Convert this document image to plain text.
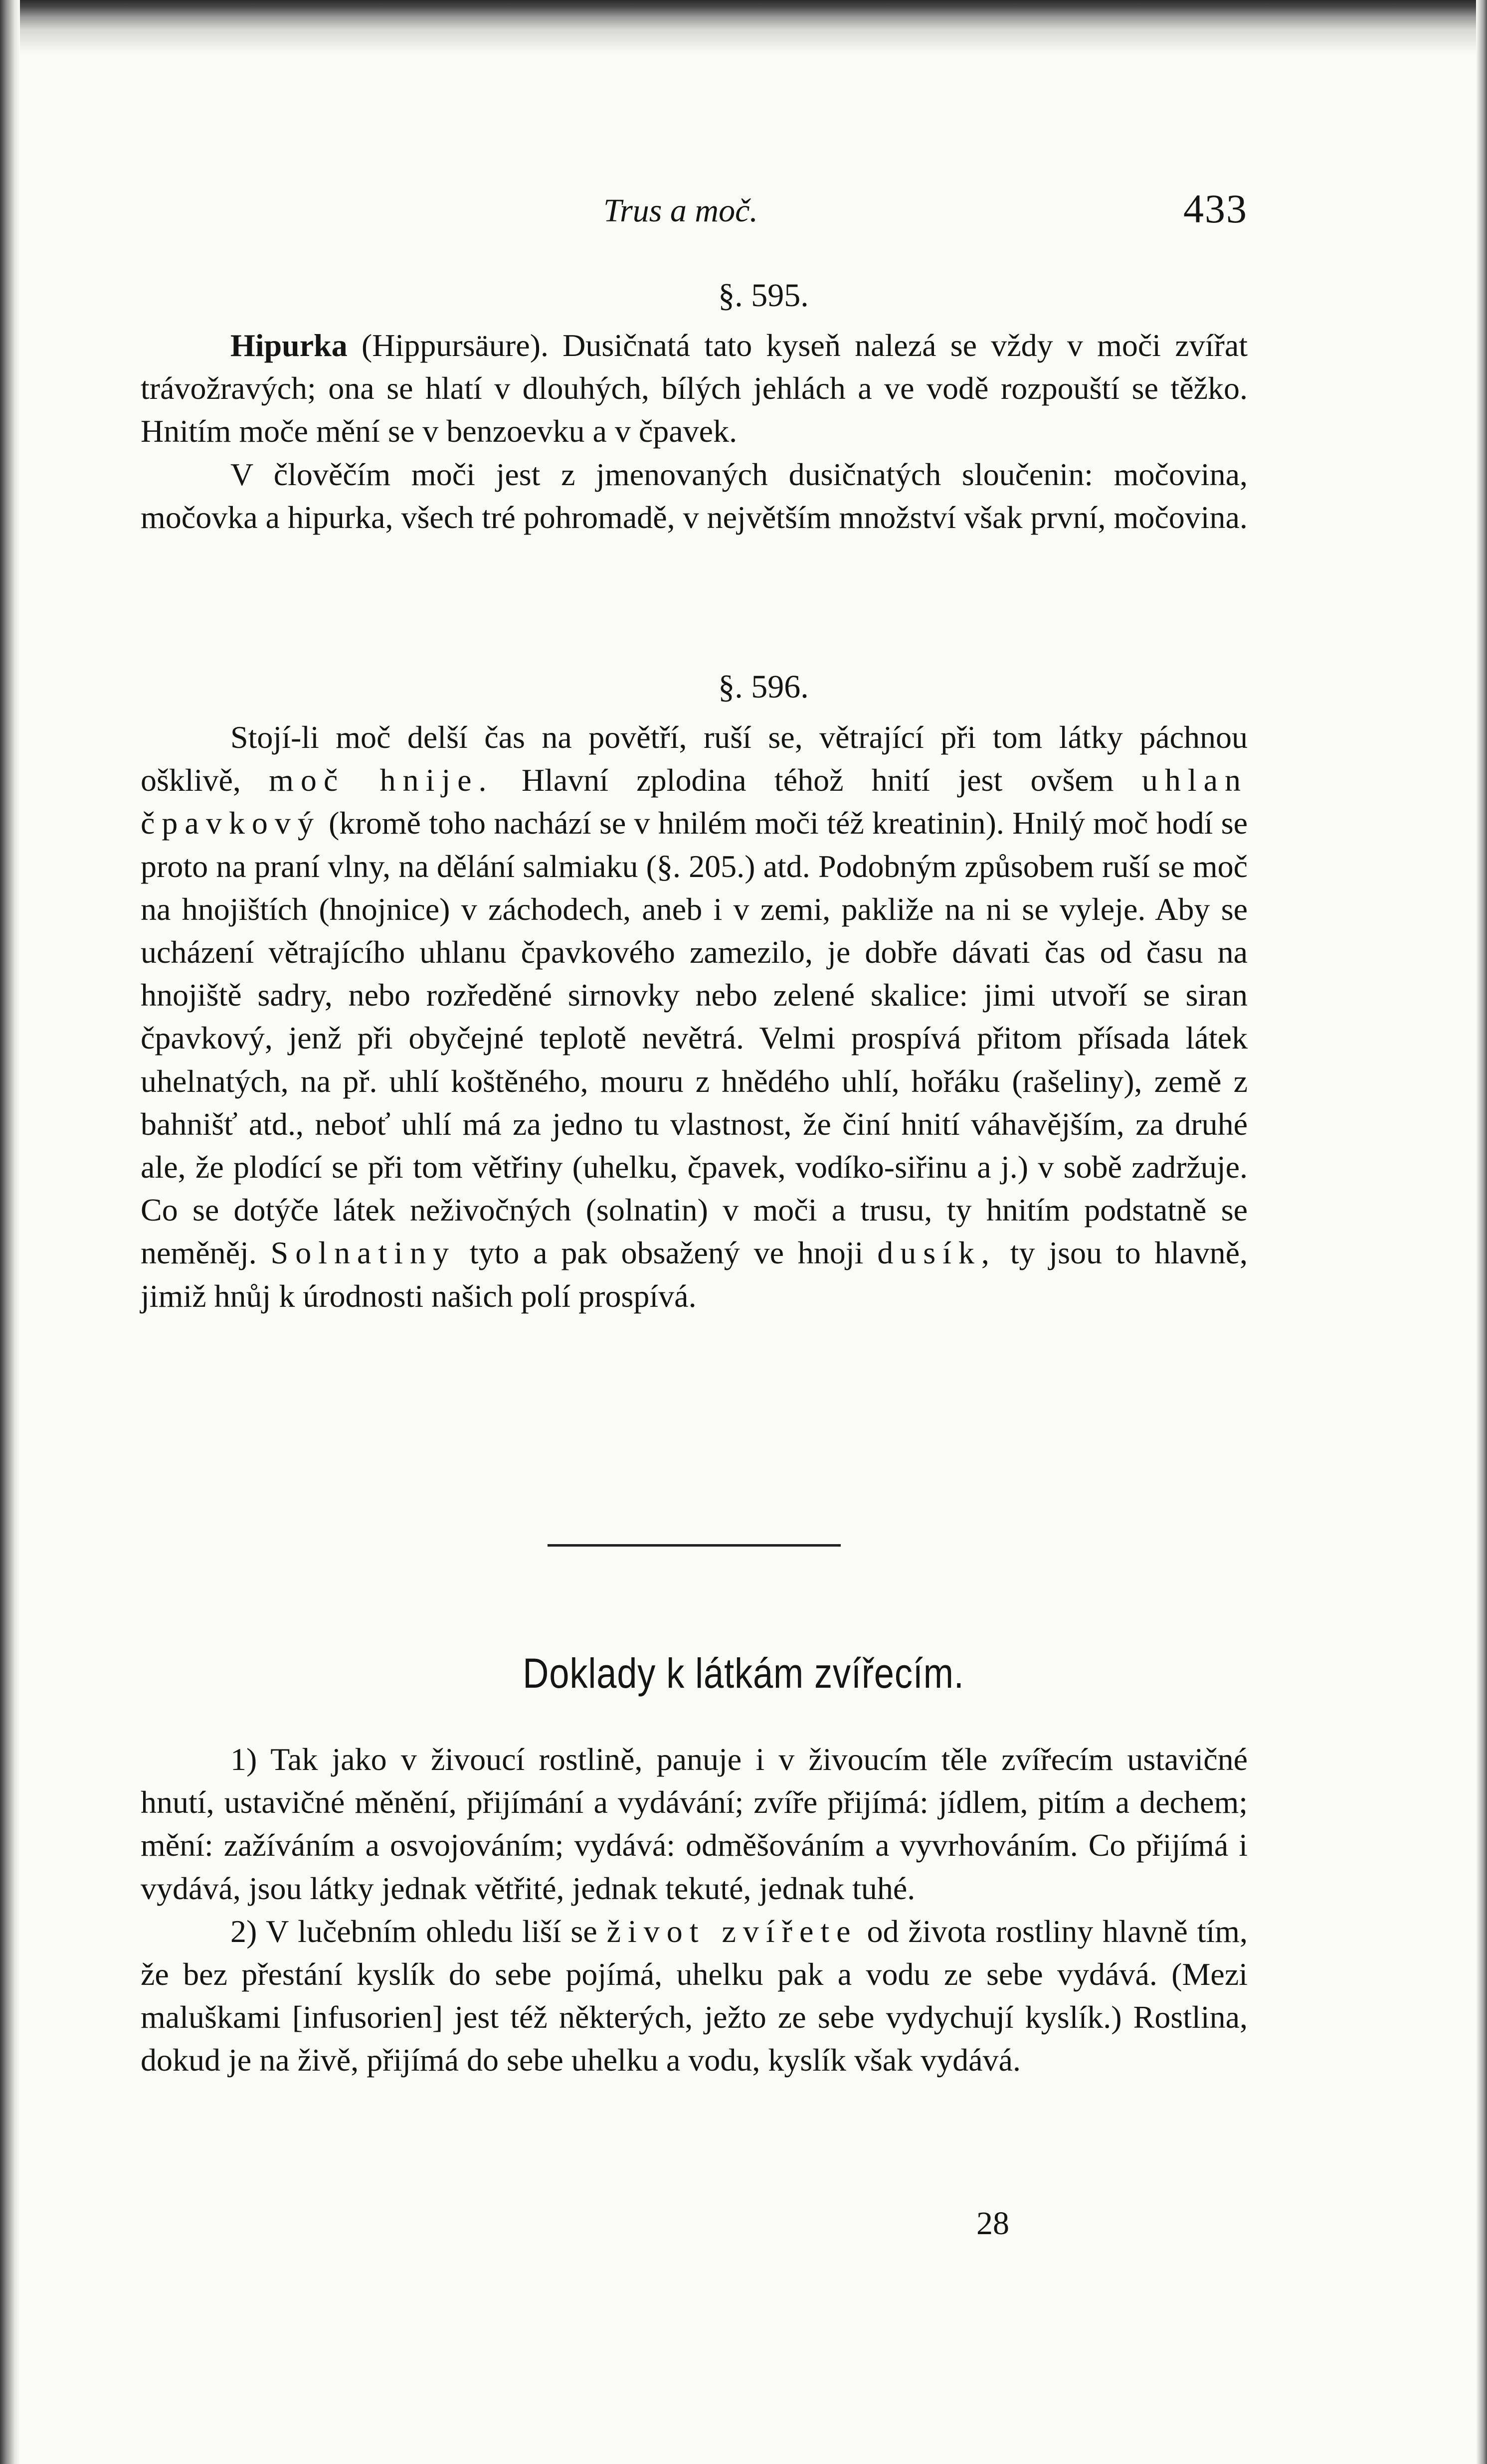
Trus a moč.	433
§. 595.

Hipurka (Hippursäure). Dusičnatá tato kyseň nalezá se vždy v moči zvířat trávožravých; ona se hlatí v dlouhých, bílých jehlách a ve vodě rozpouští se těžko. Hnitím moče mění se v benzoevku a v čpavek.

V člověčím moči jest z jmenovaných dusičnatých sloučenin: močovina, močovka a hipurka, všech tré pohromadě, v největším množství však první, močovina.

§. 596.

Stojí-li moč delší čas na povětří, ruší se, větrající při tom látky páchnou ošklivě, moč hnije. Hlavní zplodina téhož hnití jest ovšem uhlan čpavkový (kromě toho nachází se v hnilém moči též kreatinin). Hnilý moč hodí se proto na praní vlny, na dělání salmiaku (§. 205.) atd. Podobným způsobem ruší se moč na hnojištích (hnojnice) v záchodech, aneb i v zemi, pakliže na ni se vyleje. Aby se ucházení větrajícího uhlanu čpavkového zamezilo, je dobře dávati čas od času na hnojiště sadry, nebo rozředěné sirnovky nebo zelené skalice: jimi utvoří se siran čpavkový, jenž při obyčejné teplotě nevětrá. Velmi prospívá přitom přísada látek uhelnatých, na př. uhlí koštěného, mouru z hnědého uhlí, hořáku (rašeliny), země z bahnišť atd., neboť uhlí má za jedno tu vlastnost, že činí hnití váhavějším, za druhé ale, že plodící se při tom větřiny (uhelku, čpavek, vodíko-siřinu a j.) v sobě zadržuje. Co se dotýče látek neživočných (solnatin) v moči a trusu, ty hnitím podstatně se neměněj. Solnatiny tyto a pak obsažený ve hnoji dusík, ty jsou to hlavně, jimiž hnůj k úrodnosti našich polí prospívá.

Doklady k látkám zvířecím.

1) Tak jako v živoucí rostlině, panuje i v živoucím těle zvířecím ustavičné hnutí, ustavičné měnění, přijímání a vydávání; zvíře přijímá: jídlem, pitím a dechem; mění: zažíváním a osvojováním; vydává: odměšováním a vyvrhováním. Co přijímá i vydává, jsou látky jednak větřité, jednak tekuté, jednak tuhé.

2) V lučebním ohledu liší se život zvířete od života rostliny hlavně tím, že bez přestání kyslík do sebe pojímá, uhelku pak a vodu ze sebe vydává. (Mezi maluškami [infusorien] jest též některých, ježto ze sebe vydychují kyslík.) Rostlina, dokud je na živě, přijímá do sebe uhelku a vodu, kyslík však vydává.

28
